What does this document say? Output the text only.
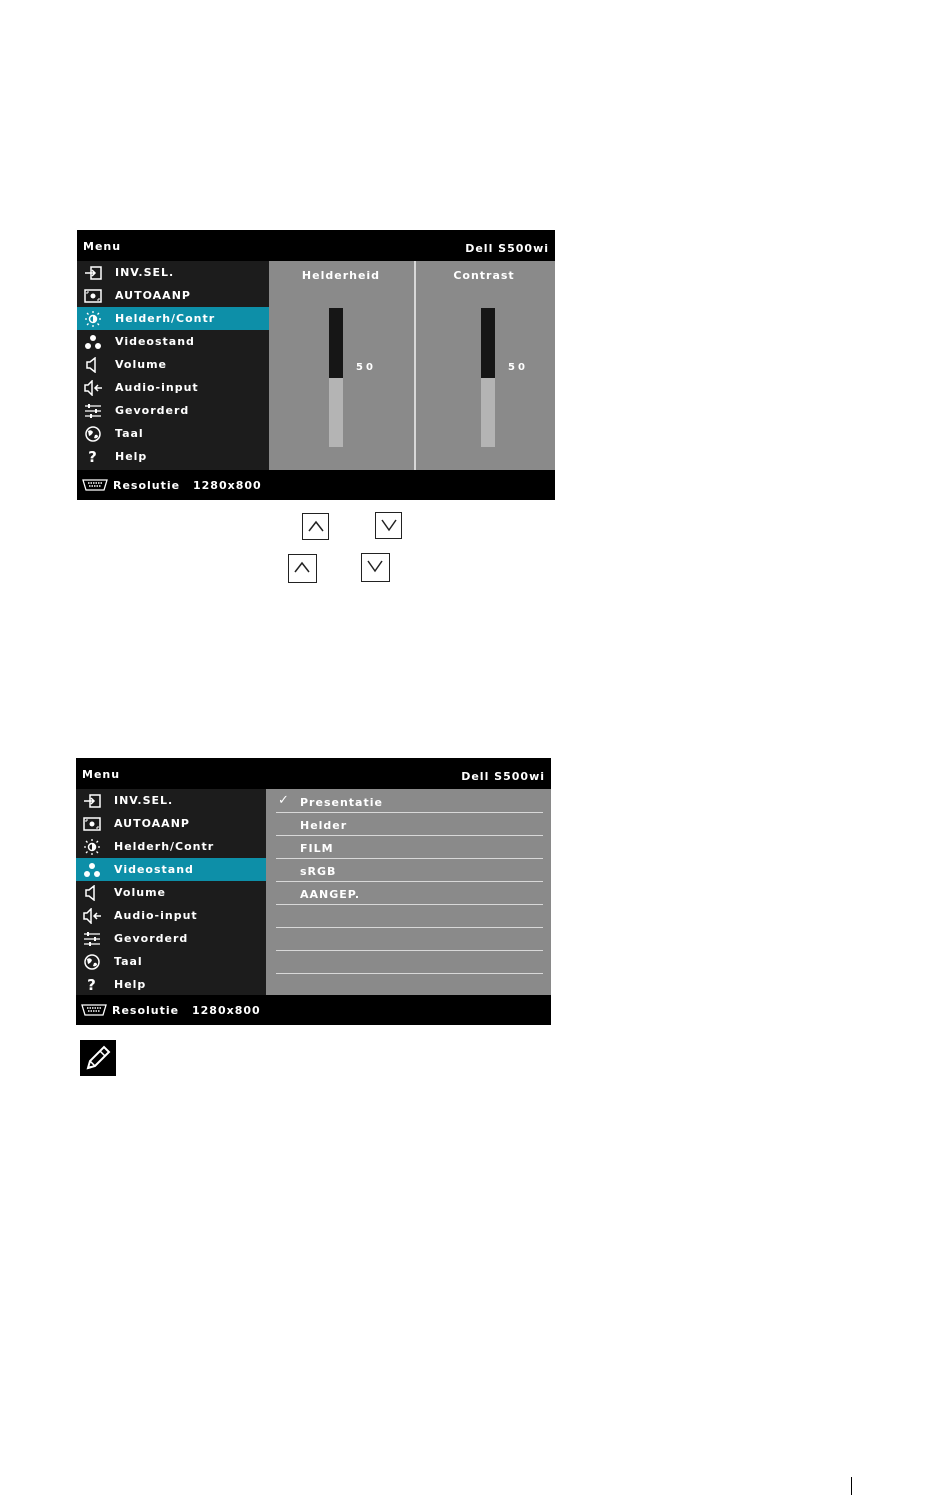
Menu	Dell S500wi
INV.SEL.
AUTOAANP
Helderh/Contr
Videostand
Volume
Audio-input
Gevorderd
Taal
?	Help
Helderheid
50
Contrast
50
Resolutie 1280x800
Menu	Dell S500wi
INV.SEL.
AUTOAANP
Helderh/Contr
Videostand
Volume
Audio-input
Gevorderd
Taal
?	Help
✓ Presentatie
Helder
FILM
sRGB
AANGEP.
Resolutie 1280x800
